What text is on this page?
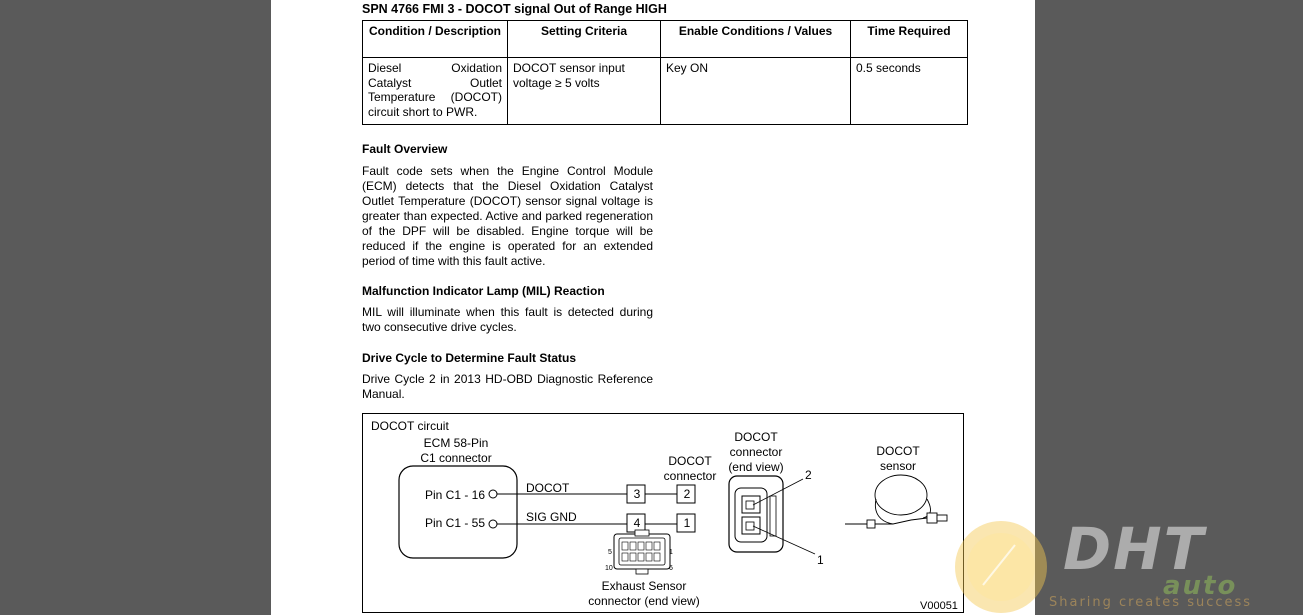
SPN 4766 FMI 3 - DOCOT signal Out of Range HIGH
Condition / Description	Setting Criteria	Enable Conditions / Values	Time Required
Diesel Oxidation Catalyst Outlet Temperature (DOCOT) circuit short to PWR.	DOCOT sensor input voltage ≥ 5 volts	Key ON	0.5 seconds
Fault Overview
Fault code sets when the Engine Control Module (ECM) detects that the Diesel Oxidation Catalyst Outlet Temperature (DOCOT) sensor signal voltage is greater than expected. Active and parked regeneration of the DPF will be disabled. Engine torque will be reduced if the engine is operated for an extended period of time with this fault active.
Malfunction Indicator Lamp (MIL) Reaction
MIL will illuminate when this fault is detected during two consecutive drive cycles.
Drive Cycle to Determine Fault Status
Drive Cycle 2 in 2013 HD-OBD Diagnostic Reference Manual.
DOCOT circuit
ECM 58-Pin
C1 connector
Pin C1 - 16
Pin C1 - 55
DOCOT
SIG GND
DOCOT
connector
3
4
2
1
DOCOT
connector
(end view)
2
1
DOCOT
sensor
5
10
1
6
Exhaust Sensor
connector (end view)	V00051
DHT
auto
Sharing creates success
